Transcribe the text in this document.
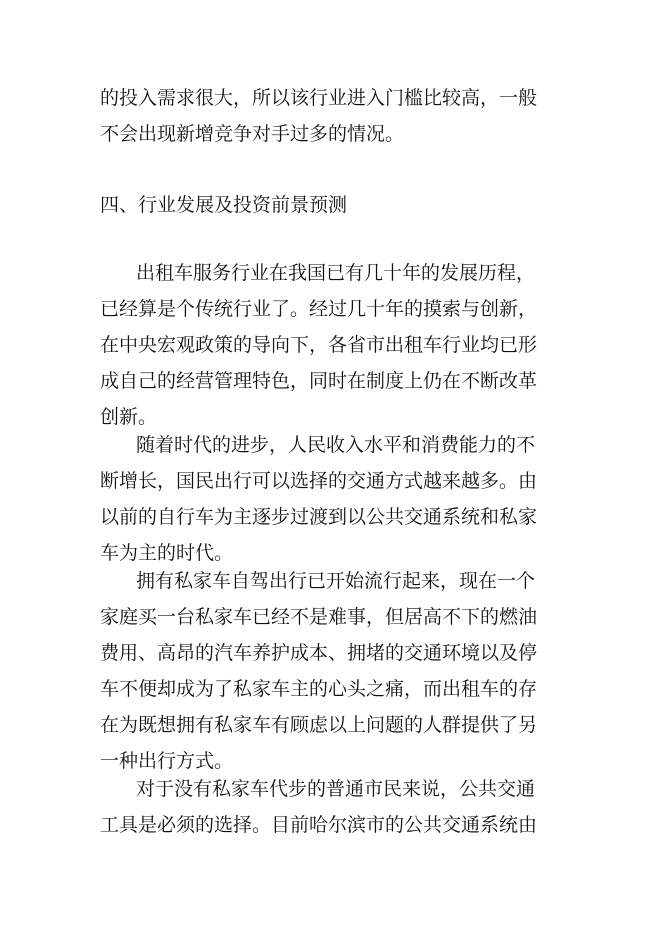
的投入需求很大，所以该行业进入门槛比较高，一般
不会出现新增竞争对手过多的情况。
四、行业发展及投资前景预测
出租车服务行业在我国已有几十年的发展历程，
已经算是个传统行业了。经过几十年的摸索与创新，
在中央宏观政策的导向下，各省市出租车行业均已形
成自己的经营管理特色，同时在制度上仍在不断改革
创新。
随着时代的进步，人民收入水平和消费能力的不
断增长，国民出行可以选择的交通方式越来越多。由
以前的自行车为主逐步过渡到以公共交通系统和私家
车为主的时代。
拥有私家车自驾出行已开始流行起来，现在一个
家庭买一台私家车已经不是难事，但居高不下的燃油
费用、高昂的汽车养护成本、拥堵的交通环境以及停
车不便却成为了私家车主的心头之痛，而出租车的存
在为既想拥有私家车有顾虑以上问题的人群提供了另
一种出行方式。
对于没有私家车代步的普通市民来说，公共交通
工具是必须的选择。目前哈尔滨市的公共交通系统由
